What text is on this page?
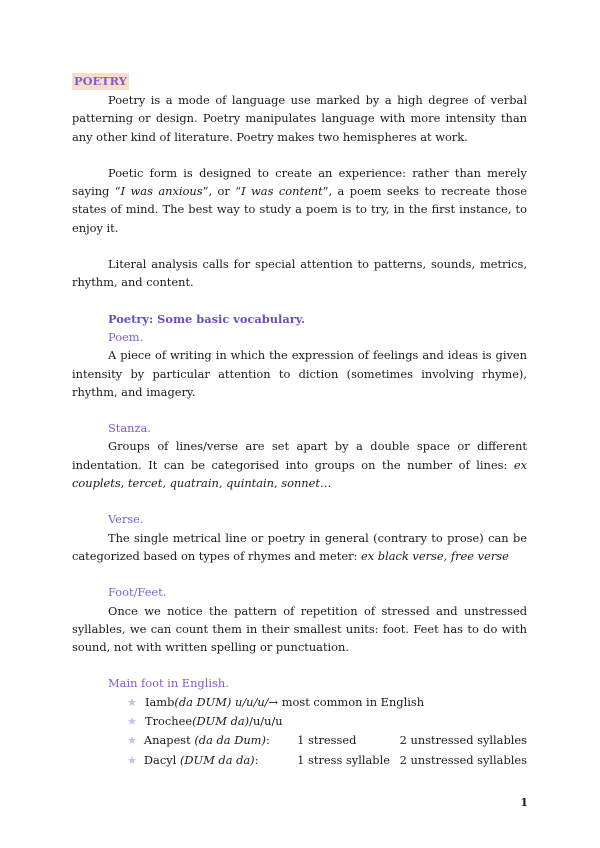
POETRY

Poetry is a mode of language use marked by a high degree of verbal patterning or design. Poetry manipulates language with more intensity than any other kind of literature. Poetry makes two hemispheres at work.

Poetic form is designed to create an experience: rather than merely saying “I was anxious”, or “I was content”, a poem seeks to recreate those states of mind. The best way to study a poem is to try, in the first instance, to enjoy it.

Literal analysis calls for special attention to patterns, sounds, metrics, rhythm, and content.

Poetry: Some basic vocabulary.
Poem.

A piece of writing in which the expression of feelings and ideas is given intensity by particular attention to diction (sometimes involving rhyme), rhythm, and imagery.

Stanza.

Groups of lines/verse are set apart by a double space or different indentation. It can be categorised into groups on the number of lines: ex couplets, tercet, quatrain, quintain, sonnet…

Verse.

The single metrical line or poetry in general (contrary to prose) can be categorized based on types of rhymes and meter: ex black verse, free verse

Foot/Feet.

Once we notice the pattern of repetition of stressed and unstressed syllables, we can count them in their smallest units: foot. Feet has to do with sound, not with written spelling or punctuation.

Main foot in English.
★ Iamb (da DUM) u/u/u/ → most common in English
★ Trochee (DUM da) /u/u/u
★ Anapest (da da Dum):	1 stressed	2 unstressed syllables
★ Dacyl (DUM da da):	1 stress syllable 2 unstressed syllables
1
